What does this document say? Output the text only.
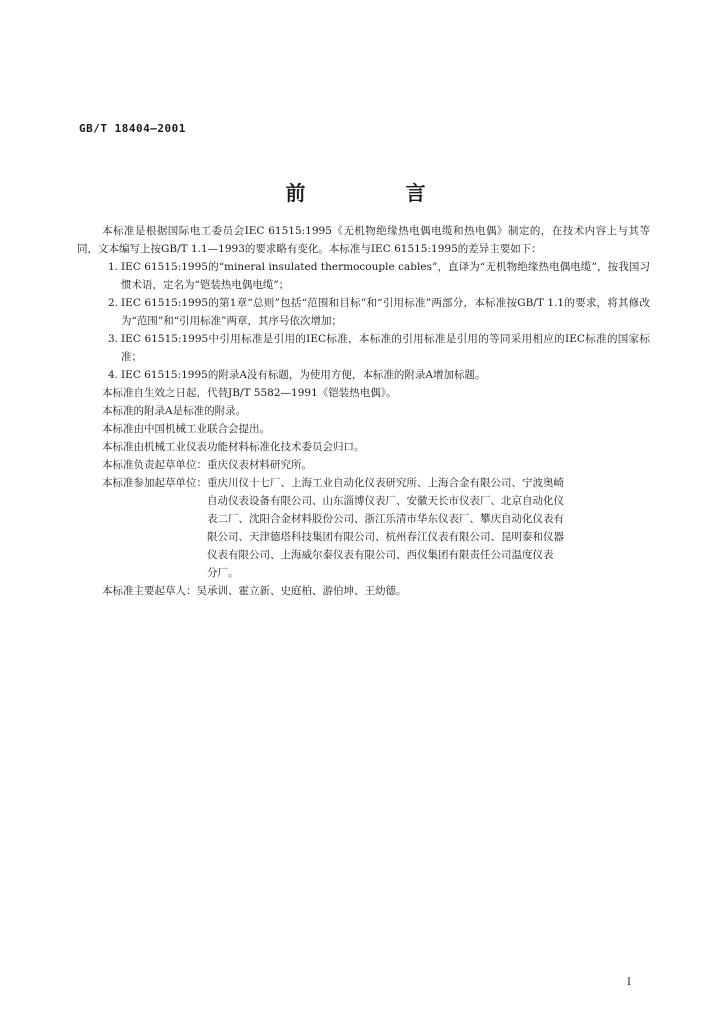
GB/T 18404—2001
前　言

本标准是根据国际电工委员会IEC 61515:1995《无机物绝缘热电偶电缆和热电偶》制定的，在技术内容上与其等同，文本编写上按GB/T 1.1—1993的要求略有变化。本标准与IEC 61515:1995的差异主要如下：

1. IEC 61515:1995的“mineral insulated thermocouple cables”，直译为“无机物绝缘热电偶电缆”，按我国习惯术语，定名为“铠装热电偶电缆”；
2. IEC 61515:1995的第1章“总则”包括“范围和目标”和“引用标准”两部分，本标准按GB/T 1.1的要求，将其修改为“范围”和“引用标准”两章，其序号依次增加；
3. IEC 61515:1995中引用标准是引用的IEC标准，本标准的引用标准是引用的等同采用相应的IEC标准的国家标准；
4. IEC 61515:1995的附录A没有标题，为使用方便，本标准的附录A增加标题。

本标准自生效之日起，代替JB/T 5582—1991《铠装热电偶》。

本标准的附录A是标准的附录。

本标准由中国机械工业联合会提出。

本标准由机械工业仪表功能材料标准化技术委员会归口。

本标准负责起草单位：重庆仪表材料研究所。

本标准参加起草单位： 重庆川仪十七厂、上海工业自动化仪表研究所、上海合金有限公司、宁波奥崎
自动仪表设备有限公司、山东淄博仪表厂、安徽天长市仪表厂、北京自动化仪
表二厂、沈阳合金材料股份公司、浙江乐清市华东仪表厂、攀庆自动化仪表有
限公司、天津德塔科技集团有限公司、杭州春江仪表有限公司、昆明泰和仪器
仪表有限公司、上海威尔泰仪表有限公司、西仪集团有限责任公司温度仪表
分厂。

本标准主要起草人：吴承训、霍立新、史庭柏、游伯坤、王幼德。

I
